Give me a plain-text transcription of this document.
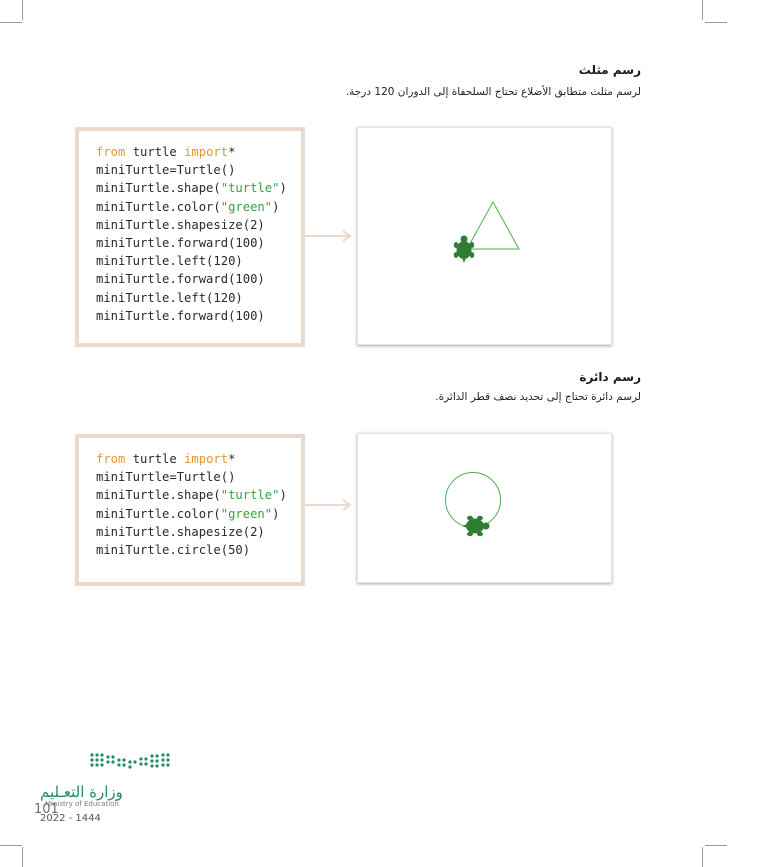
رسم مثلث
لرسم مثلث متطابق الأضلاع تحتاج السلحفاة إلى الدوران 120 درجة.
from turtle import*
miniTurtle=Turtle()
miniTurtle.shape("turtle")
miniTurtle.color("green")
miniTurtle.shapesize(2)
miniTurtle.forward(100)
miniTurtle.left(120)
miniTurtle.forward(100)
miniTurtle.left(120)
miniTurtle.forward(100)
رسم دائرة
لرسم دائرة تحتاج إلى تحديد نصف قطر الدائرة.
from turtle import*
miniTurtle=Turtle()
miniTurtle.shape("turtle")
miniTurtle.color("green")
miniTurtle.shapesize(2)
miniTurtle.circle(50)
وزارة التعـليم
Ministry of Education
101
2022 - 1444
